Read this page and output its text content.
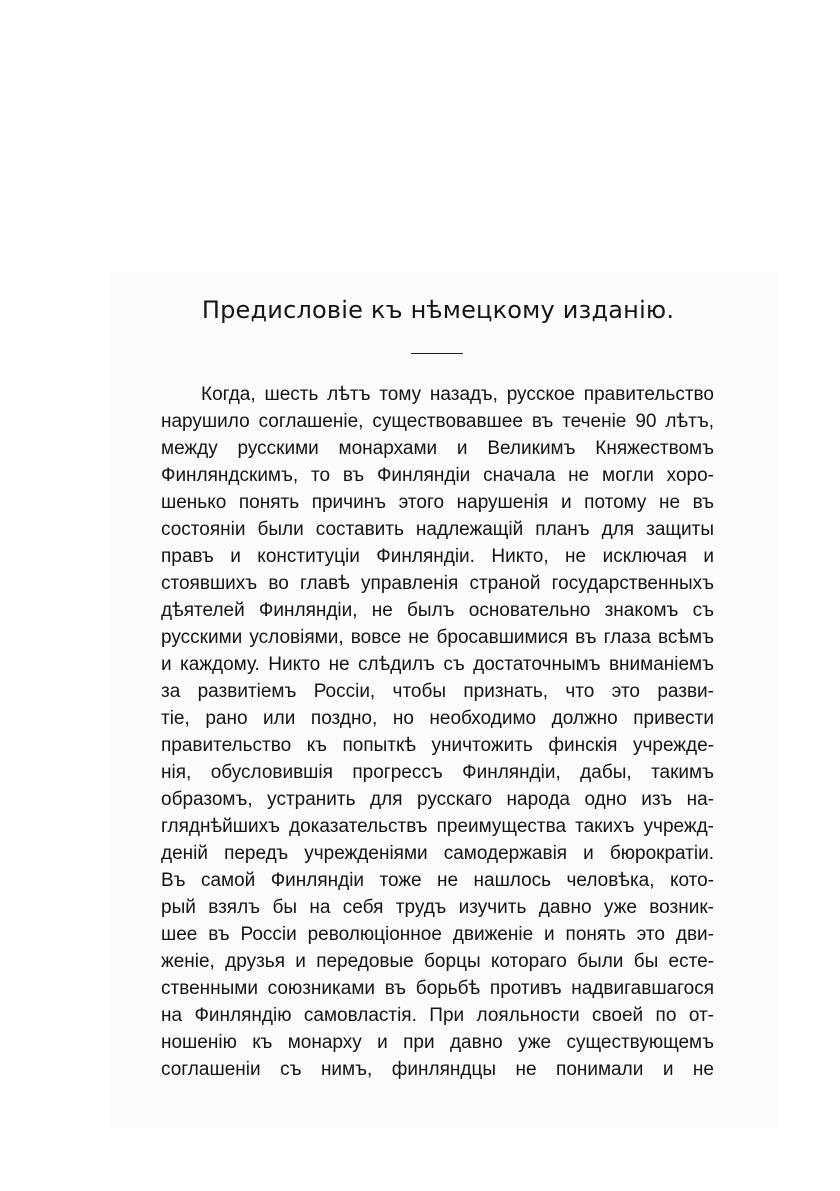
Предисловіе къ нѣмецкому изданію.
Когда, шесть лѣтъ тому назадъ, русское правительство
нарушило соглашеніе, существовавшее въ теченіе 90 лѣтъ,
между русскими монархами и Великимъ Княжествомъ
Финляндскимъ, то въ Финляндіи сначала не могли хоро-
шенько понять причинъ этого нарушенія и потому не въ
состояніи были составить надлежащій планъ для защиты
правъ и конституціи Финляндіи. Никто, не исключая и
стоявшихъ во главѣ управленія страной государственныхъ
дѣятелей Финляндіи, не былъ основательно знакомъ съ
русскими условіями, вовсе не бросавшимися въ глаза всѣмъ
и каждому. Никто не слѣдилъ съ достаточнымъ вниманіемъ
за развитіемъ Россіи, чтобы признать, что это разви-
тіе, рано или поздно, но необходимо должно привести
правительство къ попыткѣ уничтожить финскія учрежде-
нія, обусловившія прогрессъ Финляндіи, дабы, такимъ
образомъ, устранить для русскаго народа одно изъ на-
гляднѣйшихъ доказательствъ преимущества такихъ учрежд-
деній передъ учрежденіями самодержавія и бюрократіи.
Въ самой Финляндіи тоже не нашлось человѣка, кото-
рый взялъ бы на себя трудъ изучить давно уже возник-
шее въ Россіи революціонное движеніе и понять это дви-
женіе, друзья и передовые борцы котораго были бы есте-
ственными союзниками въ борьбѣ противъ надвигавшагося
на Финляндію самовластія. При лояльности своей по от-
ношенію къ монарху и при давно уже существующемъ
соглашеніи съ нимъ, финляндцы не понимали и не
